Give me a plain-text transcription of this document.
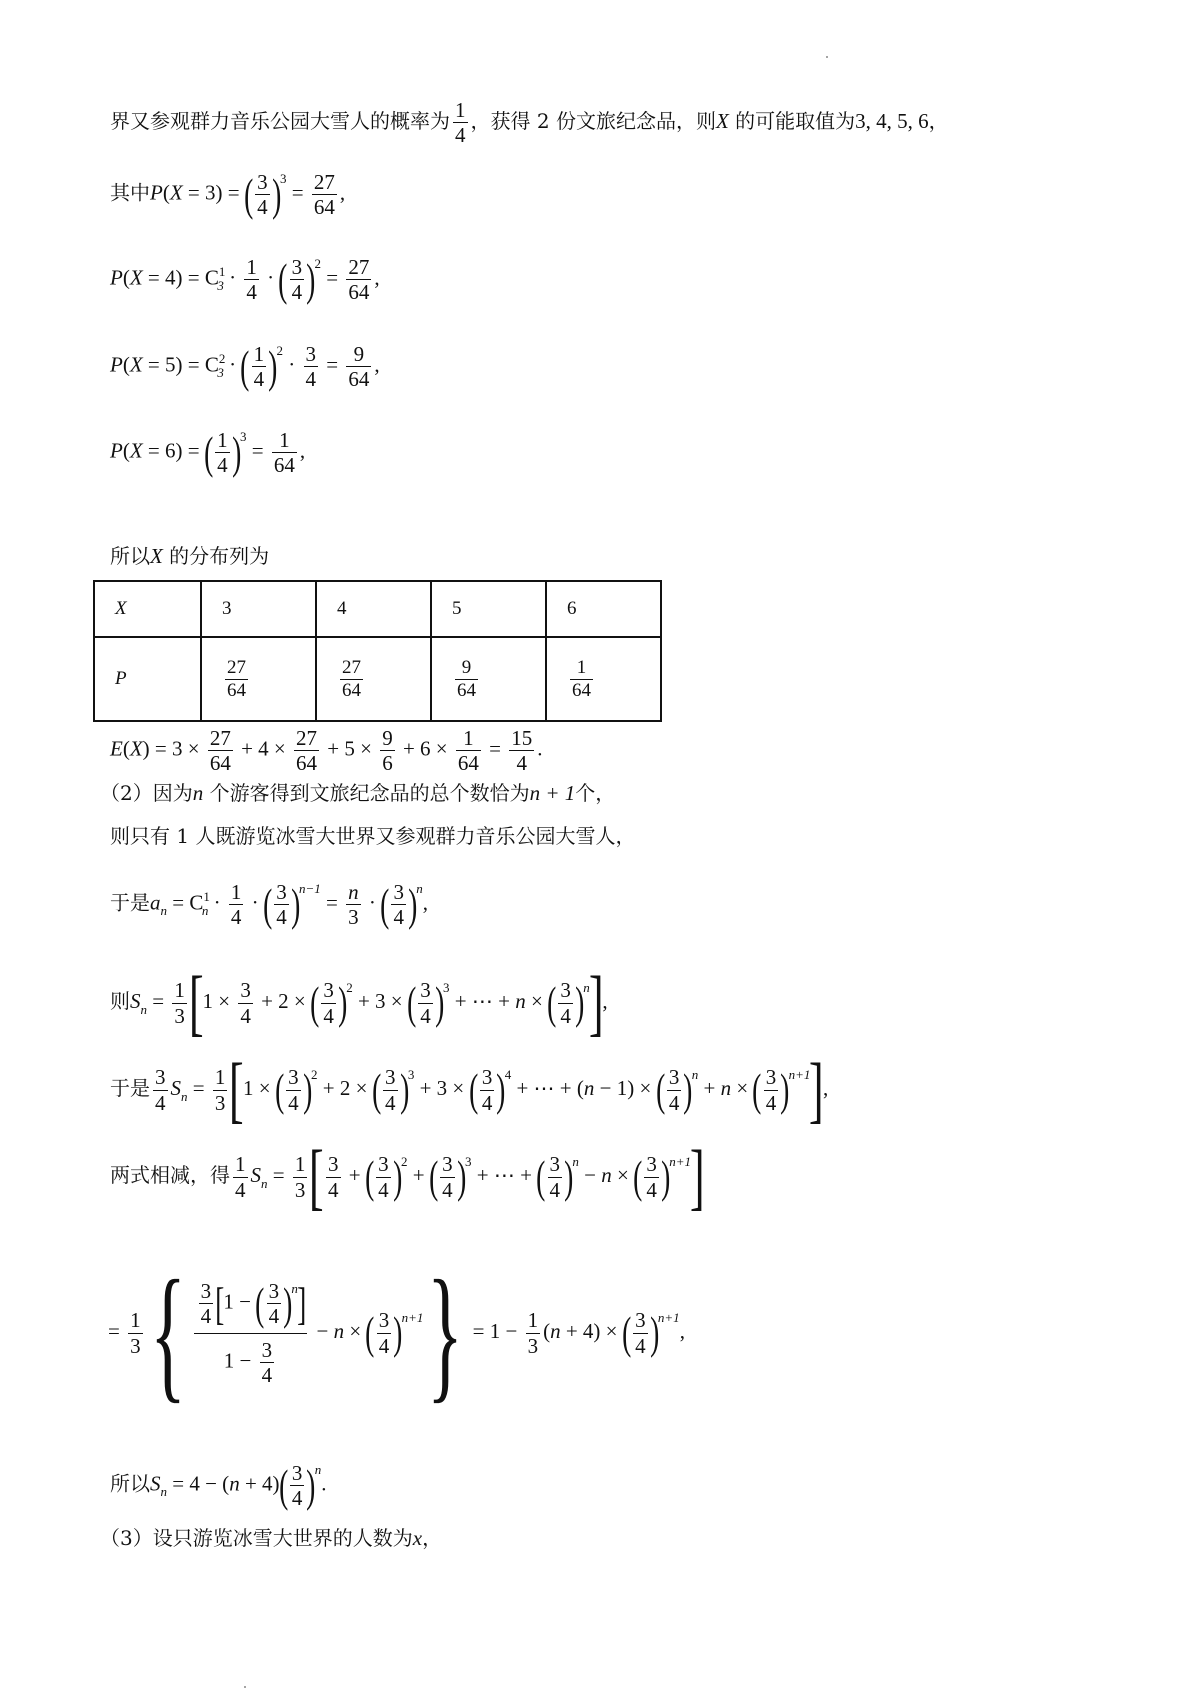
界又参观群力音乐公园大雪人的概率为 $\frac{1}{4}$ ，获得 2 份文旅纪念品，则X 的可能取值为3, 4, 5, 6，
其中P(X = 3) = ( $\frac{3}{4} )^3 = \frac{27}{64}$ ,
$P(X = 4) = C^1_3 \cdot \frac{1}{4}$ · ( $\frac{3}{4} )^2 = \frac{27}{64}$ ,
$P(X = 5) = C^2_3$ · ( $\frac{1}{4} )^2 \cdot \frac{3}{4} = \frac{9}{64}$ ,
P(X = 6) = ( $\frac{1}{4} )^3 = \frac{1}{64}$ ,
所以X 的分布列为
X	3	4	5	6
P	$\frac{27}{64}$	$\frac{27}{64}$	$\frac{9}{64}$	$\frac{1}{64}$
$E(X) = 3 \times \frac{27}{64} + 4 \times \frac{27}{64} + 5 \times \frac{9}{6} + 6 \times \frac{1}{64} = \frac{15}{4}$ .
（2）因为n 个游客得到文旅纪念品的总个数恰为n + 1个，
则只有 1 人既游览冰雪大世界又参观群力音乐公园大雪人，
于是$a_n = C^1_n \cdot \frac{1}{4}$ · ( $\frac{3}{4} )^{n-1} = \frac{n}{3}$ · ( $\frac{3}{4} )^n$,
则$S_n = \frac{1}{3} [1 \times \frac{3}{4} + 2$ × ( $\frac{3}{4} )^2 + 3$ × ( $\frac{3}{4} )^3$ + ⋯ + n × ( $\frac{3}{4} )^n$],
于是 $\frac{3}{4} S_n = \frac{1}{3} [1$ × ( $\frac{3}{4} )^2 + 2$ × ( $\frac{3}{4} )^3 + 3$ × ( $\frac{3}{4} )^4$ + ⋯ + (n − 1) × ( $\frac{3}{4} )^n + n$ × ( $\frac{3}{4} )^{n+1}$],
两式相减，得 $\frac{1}{4} S_n = \frac{1}{3}$ [ $\frac{3}{4}$ + ( $\frac{3}{4} )^2$ + ( $\frac{3}{4} )^3$ + ⋯ + ( $\frac{3}{4} )^n - n$ × ( $\frac{3}{4} )^{n+1}$]
= $\frac{1}{3}$ { $\frac{\frac{3}{4} [1 - ( \frac{3}{4} )^n]}{1 - \frac{3}{4}} - n$ × ( $\frac{3}{4} )^{n+1}\} = 1 - \frac{1}{3} (n + 4)$ × ( $\frac{3}{4} )^{n+1}$,
所以$S_n = 4 - (n + 4)( \frac{3}{4} )^n$.
（3）设只游览冰雪大世界的人数为x，
